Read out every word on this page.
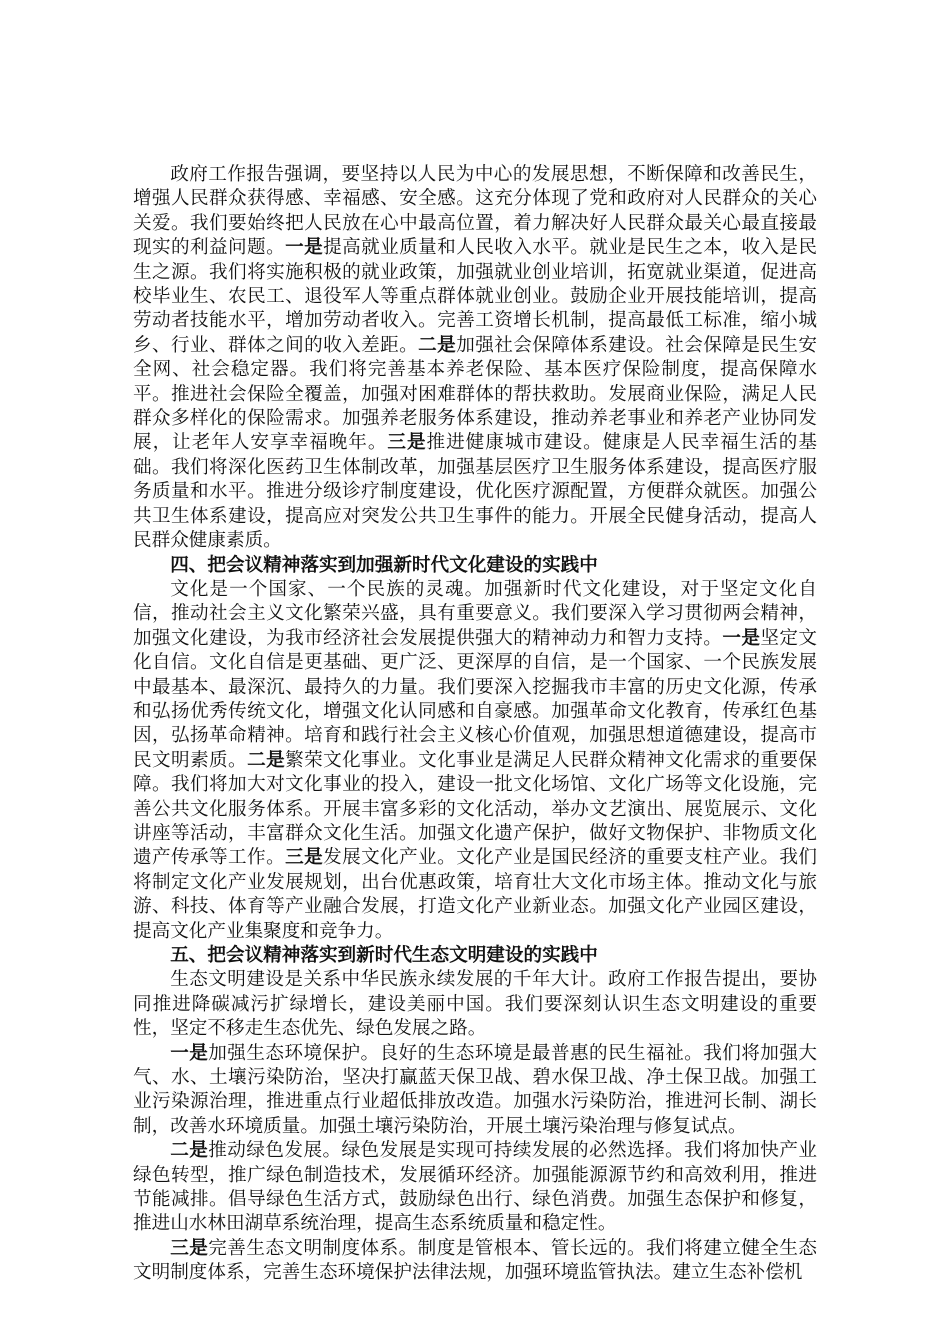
政府工作报告强调，要坚持以人民为中心的发展思想，不断保障和改善民生，增强人民群众获得感、幸福感、安全感。这充分体现了党和政府对人民群众的关心关爱。我们要始终把人民放在心中最高位置，着力解决好人民群众最关心最直接最现实的利益问题。一是提高就业质量和人民收入水平。就业是民生之本，收入是民生之源。我们将实施积极的就业政策，加强就业创业培训，拓宽就业渠道，促进高校毕业生、农民工、退役军人等重点群体就业创业。鼓励企业开展技能培训，提高劳动者技能水平，增加劳动者收入。完善工资增长机制，提高最低工标准，缩小城乡、行业、群体之间的收入差距。二是加强社会保障体系建设。社会保障是民生安全网、社会稳定器。我们将完善基本养老保险、基本医疗保险制度，提高保障水平。推进社会保险全覆盖，加强对困难群体的帮扶救助。发展商业保险，满足人民群众多样化的保险需求。加强养老服务体系建设，推动养老事业和养老产业协同发展，让老年人安享幸福晚年。三是推进健康城市建设。健康是人民幸福生活的基础。我们将深化医药卫生体制改革，加强基层医疗卫生服务体系建设，提高医疗服务质量和水平。推进分级诊疗制度建设，优化医疗源配置，方便群众就医。加强公共卫生体系建设，提高应对突发公共卫生事件的能力。开展全民健身活动，提高人民群众健康素质。

四、把会议精神落实到加强新时代文化建设的实践中

文化是一个国家、一个民族的灵魂。加强新时代文化建设，对于坚定文化自信，推动社会主义文化繁荣兴盛，具有重要意义。我们要深入学习贯彻两会精神，加强文化建设，为我市经济社会发展提供强大的精神动力和智力支持。一是坚定文化自信。文化自信是更基础、更广泛、更深厚的自信，是一个国家、一个民族发展中最基本、最深沉、最持久的力量。我们要深入挖掘我市丰富的历史文化源，传承和弘扬优秀传统文化，增强文化认同感和自豪感。加强革命文化教育，传承红色基因，弘扬革命精神。培育和践行社会主义核心价值观，加强思想道德建设，提高市民文明素质。二是繁荣文化事业。文化事业是满足人民群众精神文化需求的重要保障。我们将加大对文化事业的投入，建设一批文化场馆、文化广场等文化设施，完善公共文化服务体系。开展丰富多彩的文化活动，举办文艺演出、展览展示、文化讲座等活动，丰富群众文化生活。加强文化遗产保护，做好文物保护、非物质文化遗产传承等工作。三是发展文化产业。文化产业是国民经济的重要支柱产业。我们将制定文化产业发展规划，出台优惠政策，培育壮大文化市场主体。推动文化与旅游、科技、体育等产业融合发展，打造文化产业新业态。加强文化产业园区建设，提高文化产业集聚度和竞争力。

五、把会议精神落实到新时代生态文明建设的实践中

生态文明建设是关系中华民族永续发展的千年大计。政府工作报告提出，要协同推进降碳减污扩绿增长，建设美丽中国。我们要深刻认识生态文明建设的重要性，坚定不移走生态优先、绿色发展之路。

一是加强生态环境保护。良好的生态环境是最普惠的民生福祉。我们将加强大气、水、土壤污染防治，坚决打赢蓝天保卫战、碧水保卫战、净土保卫战。加强工业污染源治理，推进重点行业超低排放改造。加强水污染防治，推进河长制、湖长制，改善水环境质量。加强土壤污染防治，开展土壤污染治理与修复试点。

二是推动绿色发展。绿色发展是实现可持续发展的必然选择。我们将加快产业绿色转型，推广绿色制造技术，发展循环经济。加强能源源节约和高效利用，推进节能减排。倡导绿色生活方式，鼓励绿色出行、绿色消费。加强生态保护和修复，推进山水林田湖草系统治理，提高生态系统质量和稳定性。

三是完善生态文明制度体系。制度是管根本、管长远的。我们将建立健全生态文明制度体系，完善生态环境保护法律法规，加强环境监管执法。建立生态补偿机
